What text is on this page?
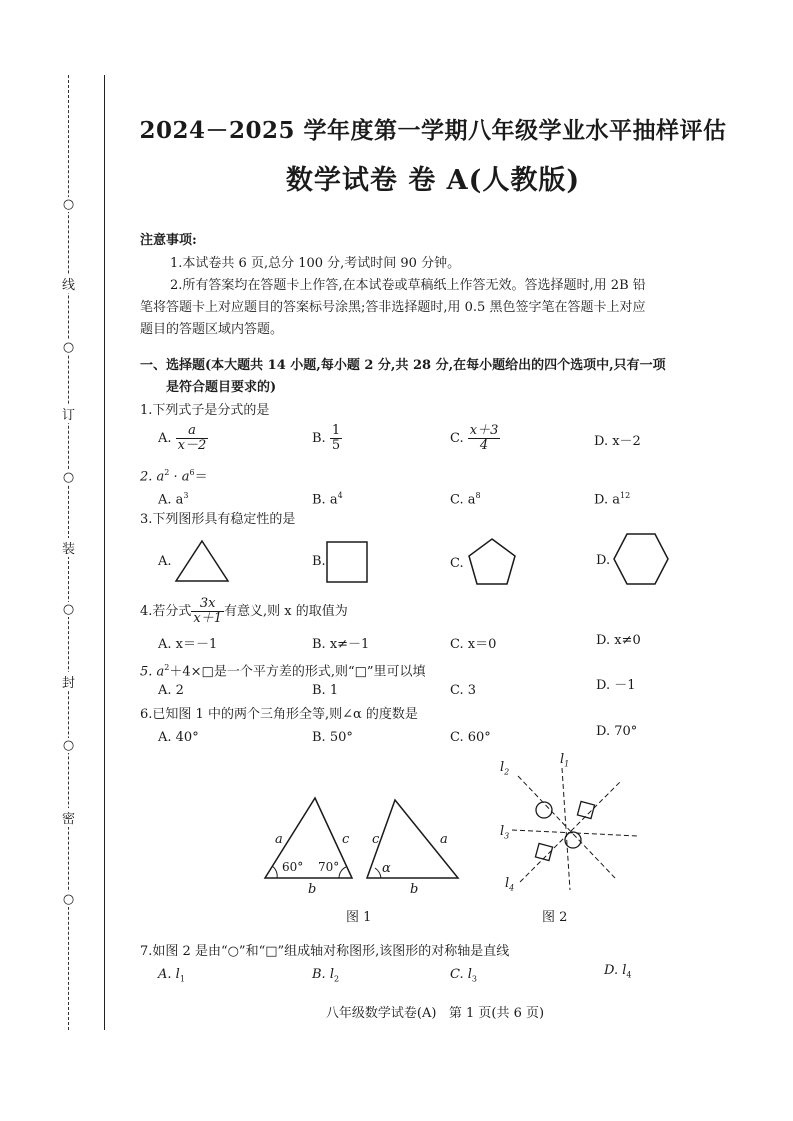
○
线
○
订
○
装
○
封
○
密
○
2024－2025 学年度第一学期八年级学业水平抽样评估
数学试卷 卷 A(人教版)
注意事项:
1.本试卷共 6 页,总分 100 分,考试时间 90 分钟。
2.所有答案均在答题卡上作答,在本试卷或草稿纸上作答无效。答选择题时,用 2B 铅
笔将答题卡上对应题目的答案标号涂黑;答非选择题时,用 0.5 黑色签字笔在答题卡上对应
题目的答题区域内答题。
一、选择题(本大题共 14 小题,每小题 2 分,共 28 分,在每小题给出的四个选项中,只有一项
是符合题目要求的)
1.下列式子是分式的是
A. $\frac{a}{x-2}$	B. $\frac{1}{5}$	C. $\frac{x+3}{4}$	D. x－2
2. $a^2 \cdot a^6=$
A. $a^3$	B. $a^4$	C. $a^8$	D. $a^{12}$
3.下列图形具有稳定性的是
A.	B.	C.	D.
4.若分式 $\frac{3x}{x+1}$ 有意义,则 x 的取值为
A. x＝－1	B. x≠－1	C. x＝0	D. x≠0
5. $a^2+4\times□$是一个平方差的形式,则“□”里可以填
A. 2	B. 1	C. 3	D. －1
6.已知图 1 中的两个三角形全等,则∠α 的度数是
A. 40°	B. 50°	C. 60°	D. 70°
a	c
b
60° 70°
c	a
b
α
图 1
$l_1$
$l_2$
$l_3$
$l_4$
图 2
7.如图 2 是由“○”和“□”组成轴对称图形,该图形的对称轴是直线
A. $l_1$	B. $l_2$	C. $l_3$
D. $l_4$
八年级数学试卷(A)   第 1 页(共 6 页)
